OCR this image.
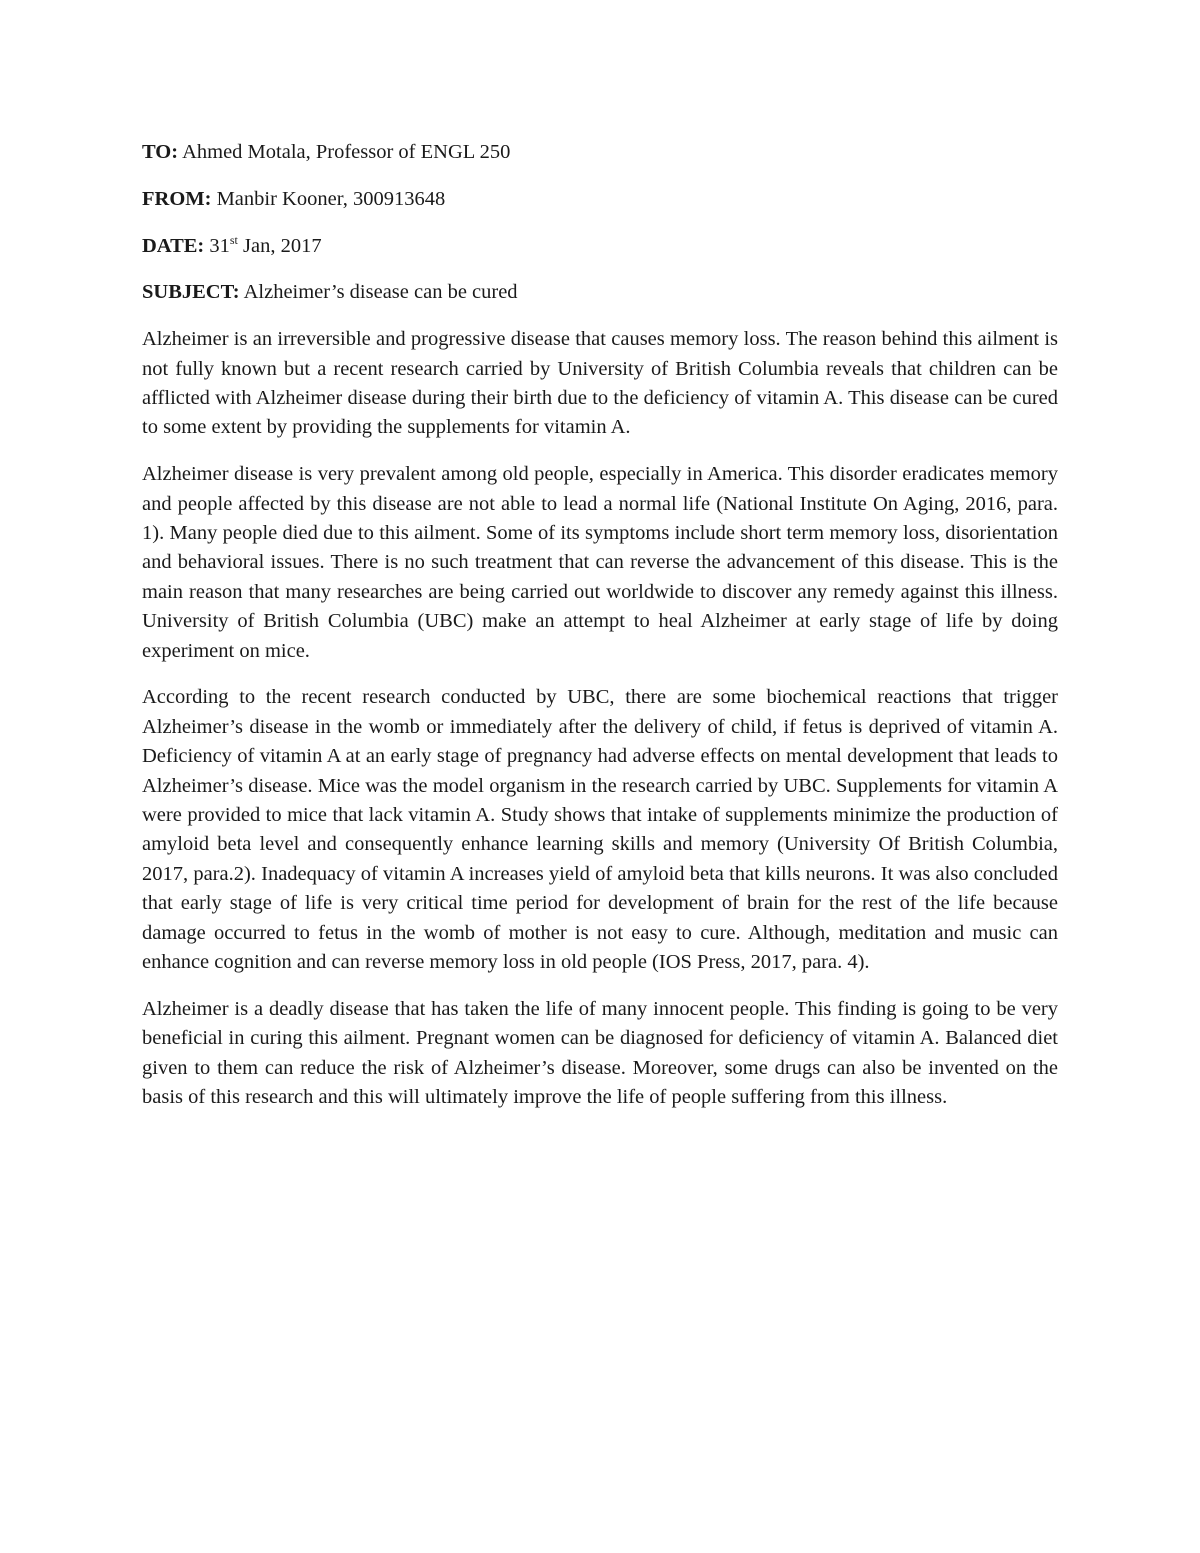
TO: Ahmed Motala, Professor of ENGL 250

FROM: Manbir Kooner, 300913648

DATE: 31st Jan, 2017

SUBJECT: Alzheimer’s disease can be cured

Alzheimer is an irreversible and progressive disease that causes memory loss. The reason behind this ailment is not fully known but a recent research carried by University of British Columbia reveals that children can be afflicted with Alzheimer disease during their birth due to the deficiency of vitamin A. This disease can be cured to some extent by providing the supplements for vitamin A.

Alzheimer disease is very prevalent among old people, especially in America. This disorder eradicates memory and people affected by this disease are not able to lead a normal life (National Institute On Aging, 2016, para. 1). Many people died due to this ailment. Some of its symptoms include short term memory loss, disorientation and behavioral issues. There is no such treatment that can reverse the advancement of this disease. This is the main reason that many researches are being carried out worldwide to discover any remedy against this illness. University of British Columbia (UBC) make an attempt to heal Alzheimer at early stage of life by doing experiment on mice.

According to the recent research conducted by UBC, there are some biochemical reactions that trigger Alzheimer’s disease in the womb or immediately after the delivery of child, if fetus is deprived of vitamin A. Deficiency of vitamin A at an early stage of pregnancy had adverse effects on mental development that leads to Alzheimer’s disease. Mice was the model organism in the research carried by UBC. Supplements for vitamin A were provided to mice that lack vitamin A. Study shows that intake of supplements minimize the production of amyloid beta level and consequently enhance learning skills and memory (University Of British Columbia, 2017, para.2). Inadequacy of vitamin A increases yield of amyloid beta that kills neurons. It was also concluded that early stage of life is very critical time period for development of brain for the rest of the life because damage occurred to fetus in the womb of mother is not easy to cure. Although, meditation and music can enhance cognition and can reverse memory loss in old people (IOS Press, 2017, para. 4).

Alzheimer is a deadly disease that has taken the life of many innocent people. This finding is going to be very beneficial in curing this ailment. Pregnant women can be diagnosed for deficiency of vitamin A. Balanced diet given to them can reduce the risk of Alzheimer’s disease. Moreover, some drugs can also be invented on the basis of this research and this will ultimately improve the life of people suffering from this illness.
